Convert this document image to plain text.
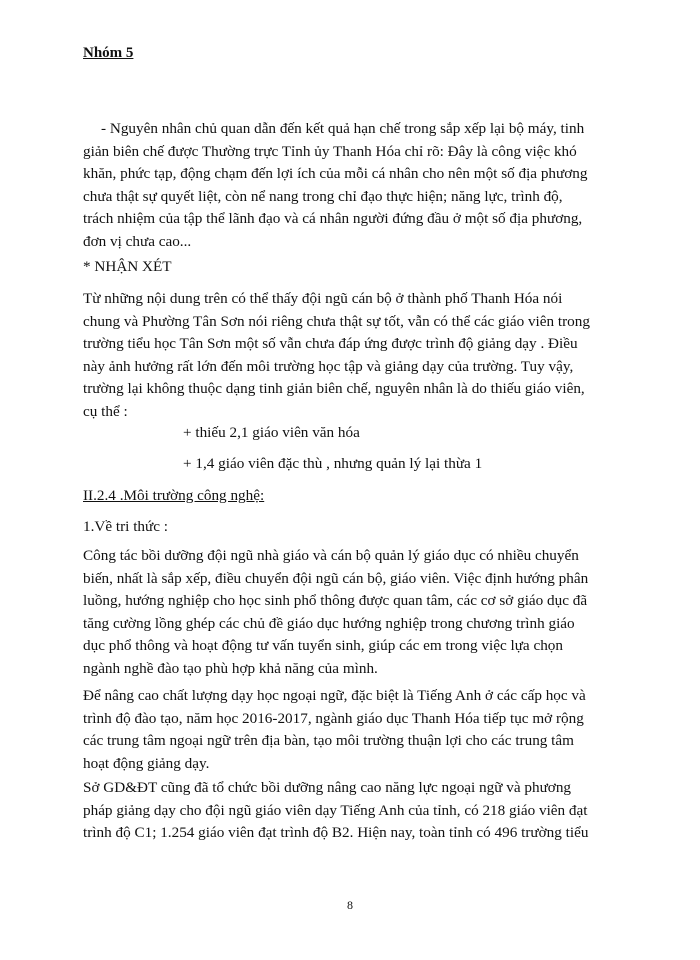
Nhóm 5

- Nguyên nhân chủ quan dẫn đến kết quả hạn chế trong sắp xếp lại bộ máy, tinh
giản biên chế được Thường trực Tỉnh ủy Thanh Hóa chỉ rõ: Đây là công việc khó
khăn, phức tạp, động chạm đến lợi ích của mỗi cá nhân cho nên một số địa phương
chưa thật sự quyết liệt, còn nể nang trong chỉ đạo thực hiện; năng lực, trình độ,
trách nhiệm của tập thể lãnh đạo và cá nhân người đứng đầu ở một số địa phương,
đơn vị chưa cao...

* NHẬN XÉT

Từ những nội dung trên có thể thấy đội ngũ cán bộ ở thành phố Thanh Hóa nói
chung và Phường Tân Sơn nói riêng chưa thật sự tốt, vẫn có thể các giáo viên trong
trường tiểu học Tân Sơn một số vẫn chưa đáp ứng được trình độ giảng dạy . Điều
này ảnh hưởng rất lớn đến môi trường học tập và giảng dạy của trường. Tuy vậy,
trường lại không thuộc dạng tinh giản biên chế, nguyên nhân là do thiếu giáo viên,
cụ thể :

+ thiếu 2,1 giáo viên văn hóa
+ 1,4 giáo viên đặc thù , nhưng quản lý lại thừa 1
II.2.4 .Môi trường công nghệ:

1.Về tri thức :

Công tác bồi dưỡng đội ngũ nhà giáo và cán bộ quản lý giáo dục có nhiều chuyển
biến, nhất là sắp xếp, điều chuyển đội ngũ cán bộ, giáo viên. Việc định hướng phân
luồng, hướng nghiệp cho học sinh phổ thông được quan tâm, các cơ sở giáo dục đã
tăng cường lồng ghép các chủ đề giáo dục hướng nghiệp trong chương trình giáo
dục phổ thông và hoạt động tư vấn tuyển sinh, giúp các em trong việc lựa chọn
ngành nghề đào tạo phù hợp khả năng của mình.

Để nâng cao chất lượng dạy học ngoại ngữ, đặc biệt là Tiếng Anh ở các cấp học và
trình độ đào tạo, năm học 2016-2017, ngành giáo dục Thanh Hóa tiếp tục mở rộng
các trung tâm ngoại ngữ trên địa bàn, tạo môi trường thuận lợi cho các trung tâm
hoạt động giảng dạy.

Sở GD&ĐT cũng đã tổ chức bồi dưỡng nâng cao năng lực ngoại ngữ và phương
pháp giảng dạy cho đội ngũ giáo viên dạy Tiếng Anh của tỉnh, có 218 giáo viên đạt
trình độ C1; 1.254 giáo viên đạt trình độ B2. Hiện nay, toàn tỉnh có 496 trường tiểu

8
